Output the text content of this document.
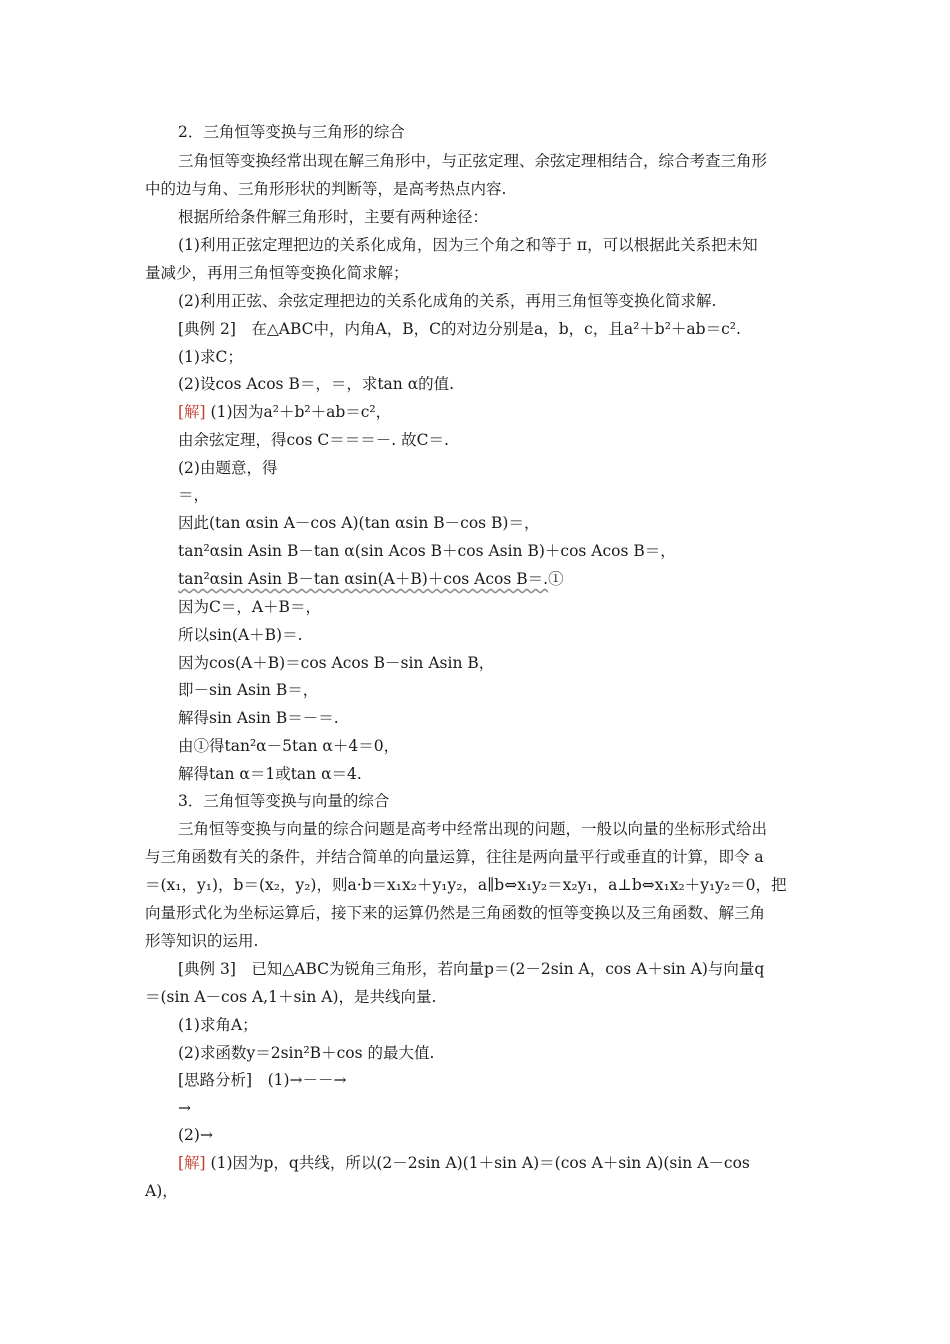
2．三角恒等变换与三角形的综合
三角恒等变换经常出现在解三角形中，与正弦定理、余弦定理相结合，综合考查三角形
中的边与角、三角形形状的判断等，是高考热点内容.
根据所给条件解三角形时，主要有两种途径：
(1)利用正弦定理把边的关系化成角，因为三个角之和等于 π，可以根据此关系把未知
量减少，再用三角恒等变换化简求解；
(2)利用正弦、余弦定理把边的关系化成角的关系，再用三角恒等变换化简求解.
[典例 2]　在△ABC中，内角A，B，C的对边分别是a，b，c，且a²＋b²＋ab＝c².
(1)求C；
(2)设cos Acos B＝，＝，求tan α的值.
[解] (1)因为a²＋b²＋ab＝c²，
由余弦定理，得cos C＝＝＝－. 故C＝.
(2)由题意，得
＝，
因此(tan αsin A－cos A)(tan αsin B－cos B)＝，
tan²αsin Asin B－tan α(sin Acos B＋cos Asin B)＋cos Acos B＝，
tan²αsin Asin B－tan αsin(A＋B)＋cos Acos B＝.①
因为C＝，A＋B＝，
所以sin(A＋B)＝.
因为cos(A＋B)＝cos Acos B－sin Asin B，
即－sin Asin B＝，
解得sin Asin B＝－＝.
由①得tan²α－5tan α＋4＝0，
解得tan α＝1或tan α＝4.
3．三角恒等变换与向量的综合
三角恒等变换与向量的综合问题是高考中经常出现的问题，一般以向量的坐标形式给出
与三角函数有关的条件，并结合简单的向量运算，往往是两向量平行或垂直的计算，即令 a
＝(x₁，y₁)，b＝(x₂，y₂)，则a·b＝x₁x₂＋y₁y₂，a∥b⇔x₁y₂＝x₂y₁，a⊥b⇔x₁x₂＋y₁y₂＝0，把
向量形式化为坐标运算后，接下来的运算仍然是三角函数的恒等变换以及三角函数、解三角
形等知识的运用.
[典例 3]　已知△ABC为锐角三角形，若向量p＝(2－2sin A，cos A＋sin A)与向量q
＝(sin A－cos A,1＋sin A)，是共线向量.
(1)求角A；
(2)求函数y＝2sin²B＋cos 的最大值.
[思路分析]　(1)→－－→
→
(2)→
[解] (1)因为p，q共线，所以(2－2sin A)(1＋sin A)＝(cos A＋sin A)(sin A－cos
A)，
